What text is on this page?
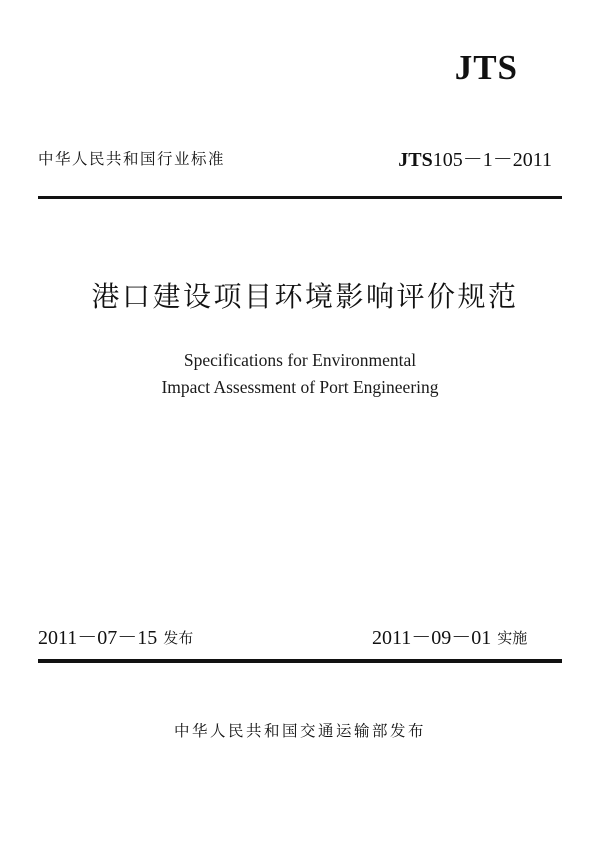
JTS
中华人民共和国行业标准	JTS105－1－2011
港口建设项目环境影响评价规范
Specifications for Environmental
Impact Assessment of Port Engineering
2011－07－15 发布	2011－09－01 实施
中华人民共和国交通运输部发布
